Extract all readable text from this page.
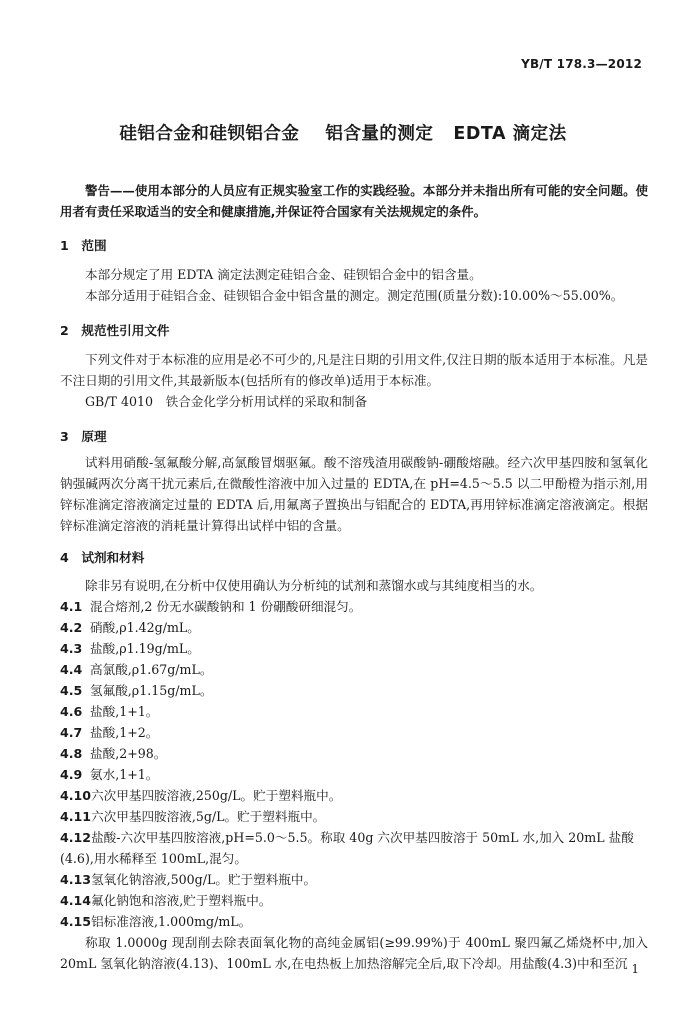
YB/T 178.3—2012
硅铝合金和硅钡铝合金 铝含量的测定 EDTA 滴定法

警告——使用本部分的人员应有正规实验室工作的实践经验。本部分并未指出所有可能的安全问题。使用者有责任采取适当的安全和健康措施,并保证符合国家有关法规规定的条件。

1　范围

本部分规定了用 EDTA 滴定法测定硅铝合金、硅钡铝合金中的铝含量。

本部分适用于硅铝合金、硅钡铝合金中铝含量的测定。测定范围(质量分数):10.00%～55.00%。

2　规范性引用文件

下列文件对于本标准的应用是必不可少的,凡是注日期的引用文件,仅注日期的版本适用于本标准。凡是不注日期的引用文件,其最新版本(包括所有的修改单)适用于本标准。

GB/T 4010　铁合金化学分析用试样的采取和制备

3　原理

试料用硝酸-氢氟酸分解,高氯酸冒烟驱氟。酸不溶残渣用碳酸钠-硼酸熔融。经六次甲基四胺和氢氧化钠强碱两次分离干扰元素后,在微酸性溶液中加入过量的 EDTA,在 pH=4.5～5.5 以二甲酚橙为指示剂,用锌标准滴定溶液滴定过量的 EDTA 后,用氟离子置换出与铝配合的 EDTA,再用锌标准滴定溶液滴定。根据锌标准滴定溶液的消耗量计算得出试样中铝的含量。

4　试剂和材料

除非另有说明,在分析中仅使用确认为分析纯的试剂和蒸馏水或与其纯度相当的水。

4.1 混合熔剂,2 份无水碳酸钠和 1 份硼酸研细混匀。

4.2 硝酸,ρ1.42g/mL。

4.3 盐酸,ρ1.19g/mL。

4.4 高氯酸,ρ1.67g/mL。

4.5 氢氟酸,ρ1.15g/mL。

4.6 盐酸,1+1。

4.7 盐酸,1+2。

4.8 盐酸,2+98。

4.9 氨水,1+1。

4.10六次甲基四胺溶液,250g/L。贮于塑料瓶中。

4.11六次甲基四胺溶液,5g/L。贮于塑料瓶中。

4.12盐酸-六次甲基四胺溶液,pH=5.0～5.5。称取 40g 六次甲基四胺溶于 50mL 水,加入 20mL 盐酸(4.6),用水稀释至 100mL,混匀。

4.13氢氧化钠溶液,500g/L。贮于塑料瓶中。

4.14氟化钠饱和溶液,贮于塑料瓶中。

4.15铝标准溶液,1.000mg/mL。

称取 1.0000g 现刮削去除表面氧化物的高纯金属铝(≥99.99%)于 400mL 聚四氟乙烯烧杯中,加入 20mL 氢氧化钠溶液(4.13)、100mL 水,在电热板上加热溶解完全后,取下冷却。用盐酸(4.3)中和至沉 1
